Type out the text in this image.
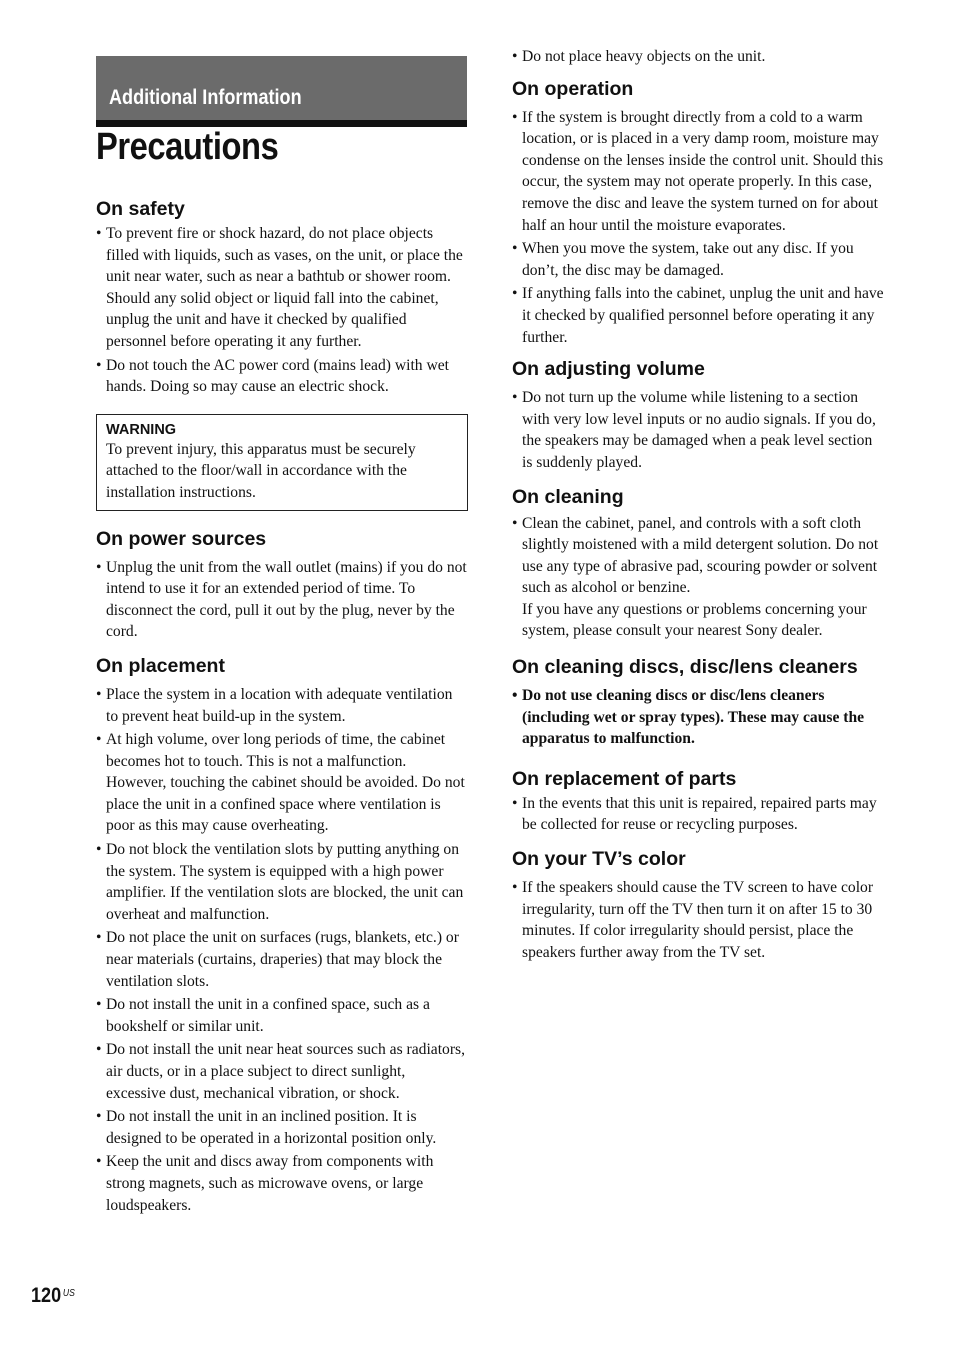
Additional Information
Precautions
On safety
• To prevent fire or shock hazard, do not place objects filled with liquids, such as vases, on the unit, or place the unit near water, such as near a bathtub or shower room. Should any solid object or liquid fall into the cabinet, unplug the unit and have it checked by qualified personnel before operating it any further.
• Do not touch the AC power cord (mains lead) with wet hands. Doing so may cause an electric shock.
WARNING
To prevent injury, this apparatus must be securely attached to the floor/wall in accordance with the installation instructions.
On power sources
• Unplug the unit from the wall outlet (mains) if you do not intend to use it for an extended period of time. To disconnect the cord, pull it out by the plug, never by the cord.
On placement
• Place the system in a location with adequate ventilation to prevent heat build-up in the system.
• At high volume, over long periods of time, the cabinet becomes hot to touch. This is not a malfunction. However, touching the cabinet should be avoided. Do not place the unit in a confined space where ventilation is poor as this may cause overheating.
• Do not block the ventilation slots by putting anything on the system. The system is equipped with a high power amplifier. If the ventilation slots are blocked, the unit can overheat and malfunction.
• Do not place the unit on surfaces (rugs, blankets, etc.) or near materials (curtains, draperies) that may block the ventilation slots.
• Do not install the unit in a confined space, such as a bookshelf or similar unit.
• Do not install the unit near heat sources such as radiators, air ducts, or in a place subject to direct sunlight, excessive dust, mechanical vibration, or shock.
• Do not install the unit in an inclined position. It is designed to be operated in a horizontal position only.
• Keep the unit and discs away from components with strong magnets, such as microwave ovens, or large loudspeakers.
• Do not place heavy objects on the unit.
On operation
• If the system is brought directly from a cold to a warm location, or is placed in a very damp room, moisture may condense on the lenses inside the control unit. Should this occur, the system may not operate properly. In this case, remove the disc and leave the system turned on for about half an hour until the moisture evaporates.
• When you move the system, take out any disc. If you don’t, the disc may be damaged.
• If anything falls into the cabinet, unplug the unit and have it checked by qualified personnel before operating it any further.
On adjusting volume
• Do not turn up the volume while listening to a section with very low level inputs or no audio signals. If you do, the speakers may be damaged when a peak level section is suddenly played.
On cleaning
• Clean the cabinet, panel, and controls with a soft cloth slightly moistened with a mild detergent solution. Do not use any type of abrasive pad, scouring powder or solvent such as alcohol or benzine.
If you have any questions or problems concerning your system, please consult your nearest Sony dealer.
On cleaning discs, disc/lens cleaners
• Do not use cleaning discs or disc/lens cleaners (including wet or spray types). These may cause the apparatus to malfunction.
On replacement of parts
• In the events that this unit is repaired, repaired parts may be collected for reuse or recycling purposes.
On your TV’s color
• If the speakers should cause the TV screen to have color irregularity, turn off the TV then turn it on after 15 to 30 minutes. If color irregularity should persist, place the speakers further away from the TV set.
120 $^{US}$
